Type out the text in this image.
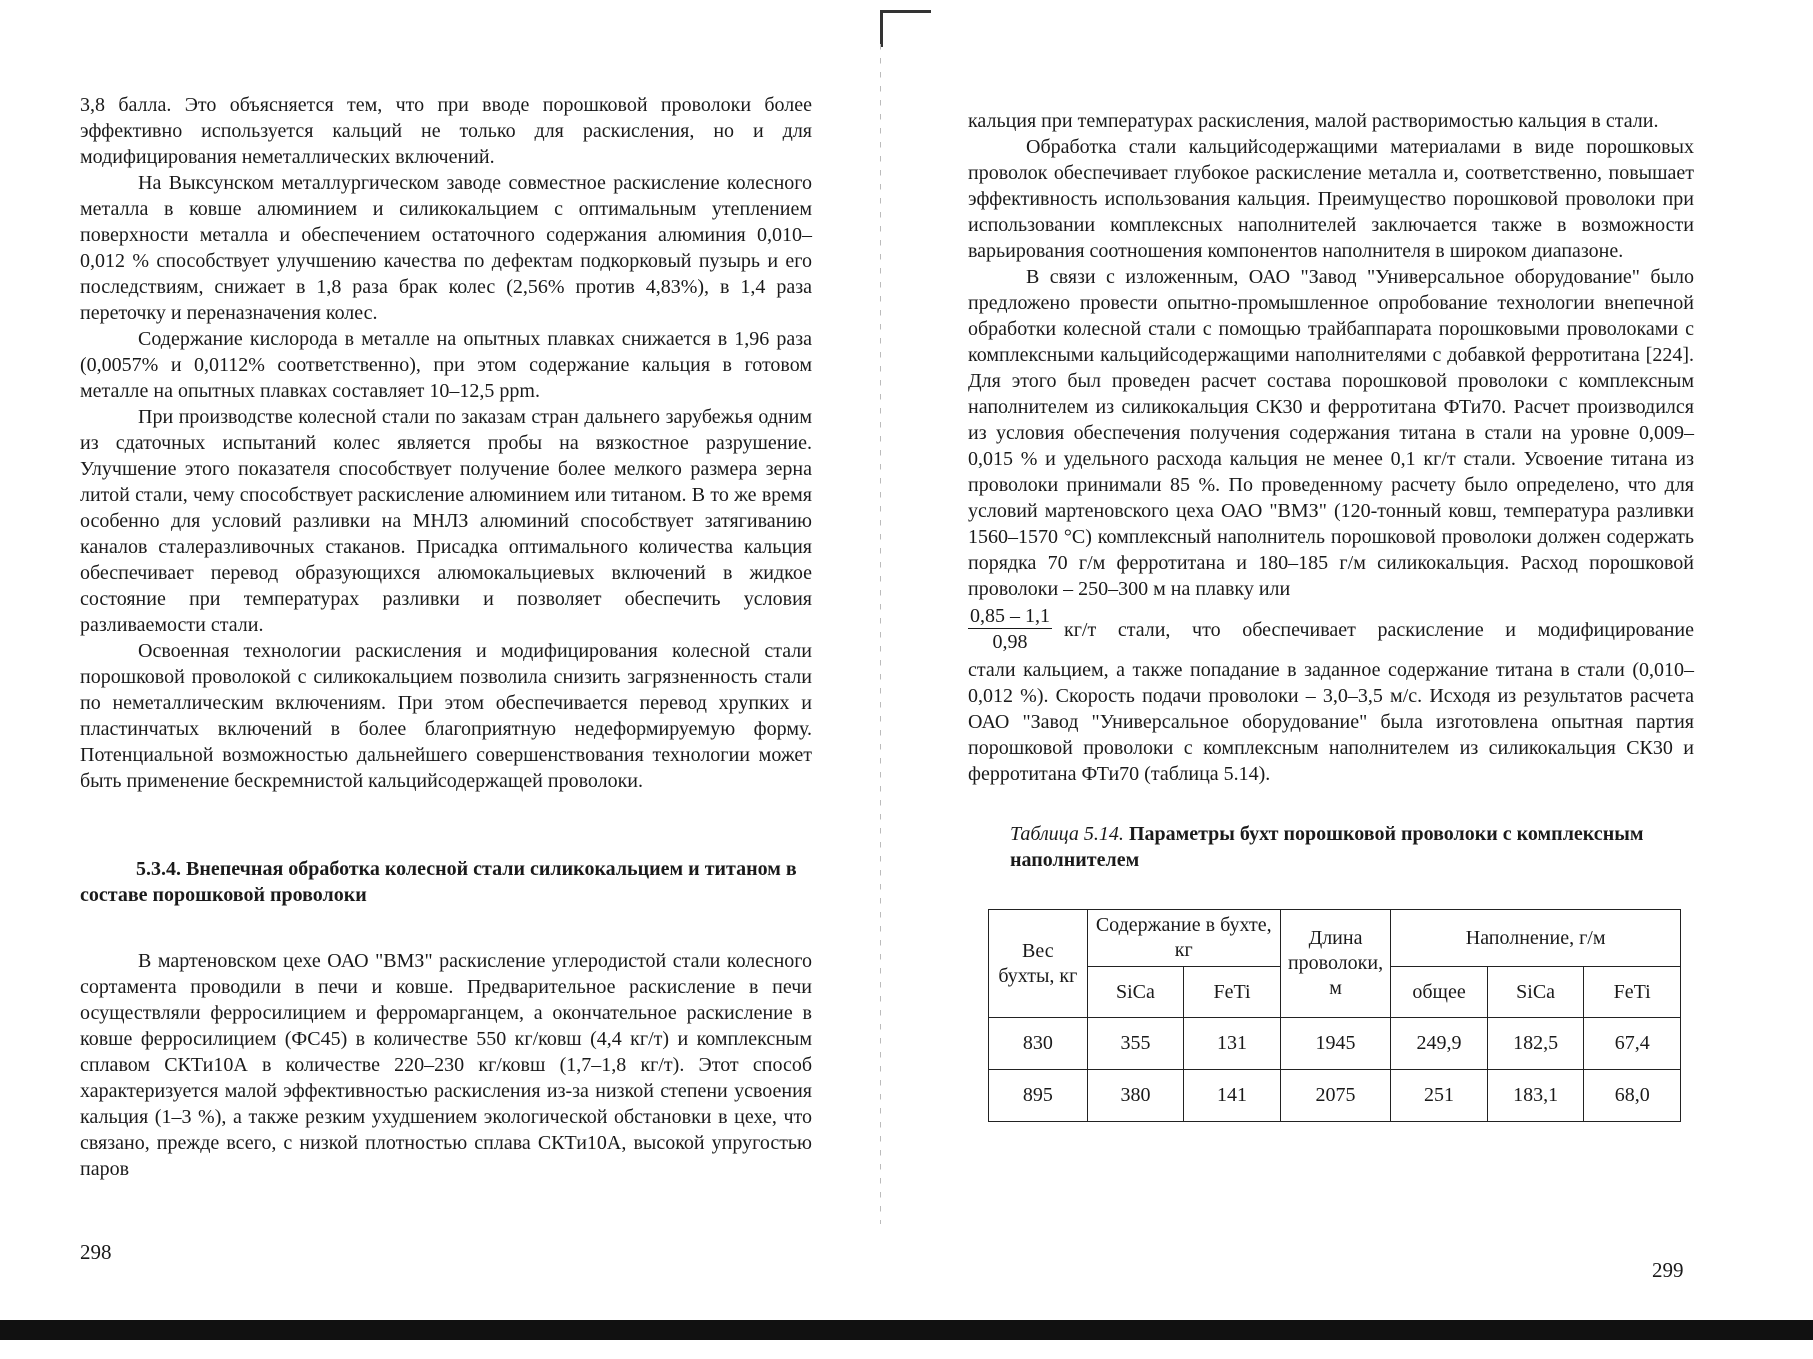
3,8 балла. Это объясняется тем, что при вводе порошковой проволоки более эффективно используется кальций не только для раскисления, но и для модифицирования неметаллических включений.

На Выксунском металлургическом заводе совместное раскисление колесного металла в ковше алюминием и силикокальцием с оптимальным утеплением поверхности металла и обеспечением остаточного содержания алюминия 0,010–0,012 % способствует улучшению качества по дефектам подкорковый пузырь и его последствиям, снижает в 1,8 раза брак колес (2,56% против 4,83%), в 1,4 раза переточку и переназначения колес.

Содержание кислорода в металле на опытных плавках снижается в 1,96 раза (0,0057% и 0,0112% соответственно), при этом содержание кальция в готовом металле на опытных плавках составляет 10–12,5 ppm.

При производстве колесной стали по заказам стран дальнего зарубежья одним из сдаточных испытаний колес является пробы на вязкостное разрушение. Улучшение этого показателя способствует получение более мелкого размера зерна литой стали, чему способствует раскисление алюминием или титаном. В то же время особенно для условий разливки на МНЛЗ алюминий способствует затягиванию каналов сталеразливочных стаканов. Присадка оптимального количества кальция обеспечивает перевод образующихся алюмокальциевых включений в жидкое состояние при температурах разливки и позволяет обеспечить условия разливаемости стали.

Освоенная технологии раскисления и модифицирования колесной стали порошковой проволокой с силикокальцием позволила снизить загрязненность стали по неметаллическим включениям. При этом обеспечивается перевод хрупких и пластинчатых включений в более благоприятную недеформируемую форму. Потенциальной возможностью дальнейшего совершенствования технологии может быть применение бескремнистой кальцийсодержащей проволоки.

5.3.4. Внепечная обработка колесной стали силикокальцием и титаном в составе порошковой проволоки

В мартеновском цехе ОАО "ВМЗ" раскисление углеродистой стали колесного сортамента проводили в печи и ковше. Предварительное раскисление в печи осуществляли ферросилицием и ферромарганцем, а окончательное раскисление в ковше ферросилицием (ФС45) в количестве 550 кг/ковш (4,4 кг/т) и комплексным сплавом СКТи10А в количестве 220–230 кг/ковш (1,7–1,8 кг/т). Этот способ характеризуется малой эффективностью раскисления из-за низкой степени усвоения кальция (1–3 %), а также резким ухудшением экологической обстановки в цехе, что связано, прежде всего, с низкой плотностью сплава СКТи10А, высокой упругостью паров

298

кальция при температурах раскисления, малой растворимостью кальция в стали.

Обработка стали кальцийсодержащими материалами в виде порошковых проволок обеспечивает глубокое раскисление металла и, соответственно, повышает эффективность использования кальция. Преимущество порошковой проволоки при использовании комплексных наполнителей заключается также в возможности варьирования соотношения компонентов наполнителя в широком диапазоне.

В связи с изложенным, ОАО "Завод "Универсальное оборудование" было предложено провести опытно-промышленное опробование технологии внепечной обработки колесной стали с помощью трайбаппарата порошковыми проволоками с комплексными кальцийсодержащими наполнителями с добавкой ферротитана [224]. Для этого был проведен расчет состава порошковой проволоки с комплексным наполнителем из силикокальция СК30 и ферротитана ФТи70. Расчет производился из условия обеспечения получения содержания титана в стали на уровне 0,009–0,015 % и удельного расхода кальция не менее 0,1 кг/т стали. Усвоение титана из проволоки принимали 85 %. По проведенному расчету было определено, что для условий мартеновского цеха ОАО "ВМЗ" (120-тонный ковш, температура разливки 1560–1570 °С) комплексный наполнитель порошковой проволоки должен содержать порядка 70 г/м ферротитана и 180–185 г/м силикокальция. Расход порошковой проволоки – 250–300 м на плавку или

$\frac{0,85 - 1,1}{0,98} кг/т$ стали, что обеспечивает раскисление и модифицирование

стали кальцием, а также попадание в заданное содержание титана в стали (0,010–0,012 %). Скорость подачи проволоки – 3,0–3,5 м/с. Исходя из результатов расчета ОАО "Завод "Универсальное оборудование" была изготовлена опытная партия порошковой проволоки с комплексным наполнителем из силикокальция СК30 и ферротитана ФТи70 (таблица 5.14).

Таблица 5.14. Параметры бухт порошковой проволоки с комплексным наполнителем
Вес бухты, кг	Содержание в бухте, кг		Длина проволоки, м	Наполнение, г/м		
	SiCa	FeTi		общее	SiCa	FeTi
830	355	131	1945	249,9	182,5	67,4
895	380	141	2075	251	183,1	68,0
299
